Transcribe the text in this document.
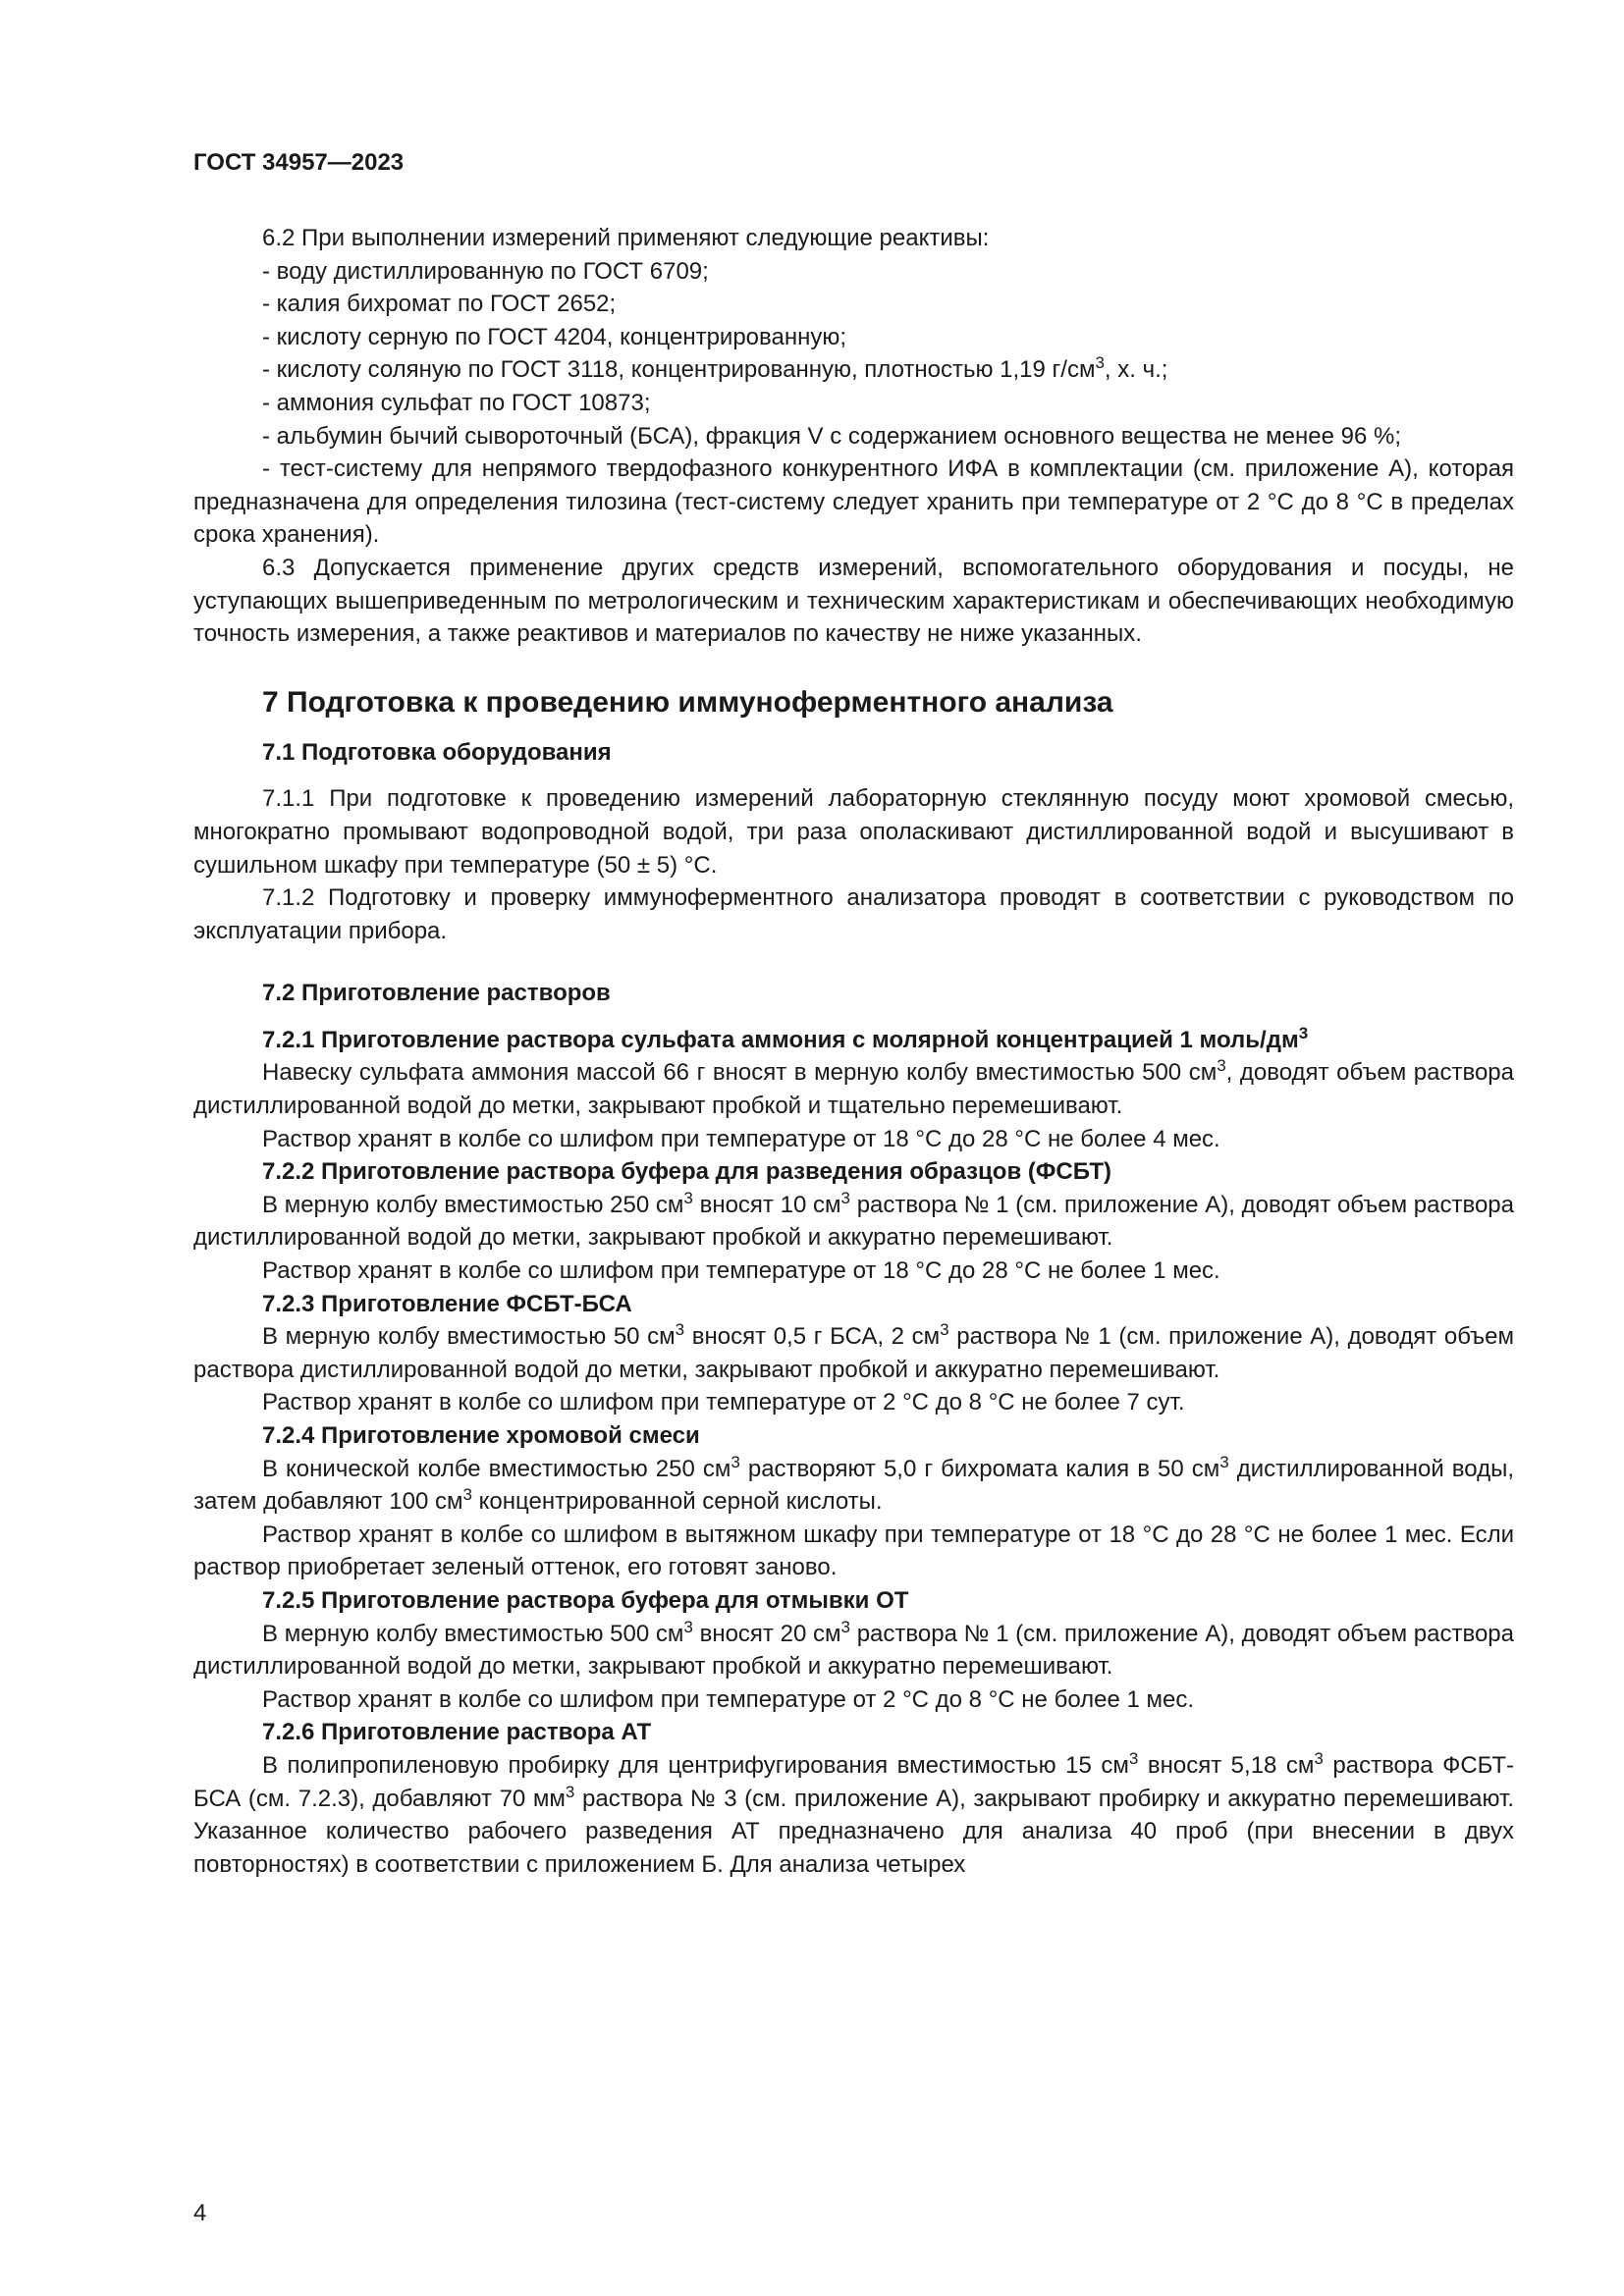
ГОСТ 34957—2023

6.2 При выполнении измерений применяют следующие реактивы:

- воду дистиллированную по ГОСТ 6709;

- калия бихромат по ГОСТ 2652;

- кислоту серную по ГОСТ 4204, концентрированную;

- кислоту соляную по ГОСТ 3118, концентрированную, плотностью 1,19 $г/см^3$, х. ч.;

- аммония сульфат по ГОСТ 10873;

- альбумин бычий сывороточный (БСА), фракция V с содержанием основного вещества не менее 96 %;

- тест-систему для непрямого твердофазного конкурентного ИФА в комплектации (см. приложение А), которая предназначена для определения тилозина (тест-систему следует хранить при температуре от 2 °С до 8 °С в пределах срока хранения).

6.3 Допускается применение других средств измерений, вспомогательного оборудования и посуды, не уступающих вышеприведенным по метрологическим и техническим характеристикам и обеспечивающих необходимую точность измерения, а также реактивов и материалов по качеству не ниже указанных.

7 Подготовка к проведению иммуноферментного анализа
7.1 Подготовка оборудования

7.1.1 При подготовке к проведению измерений лабораторную стеклянную посуду моют хромовой смесью, многократно промывают водопроводной водой, три раза ополаскивают дистиллированной водой и высушивают в сушильном шкафу при температуре (50 ± 5) °С.

7.1.2 Подготовку и проверку иммуноферментного анализатора проводят в соответствии с руководством по эксплуатации прибора.

7.2 Приготовление растворов

7.2.1 Приготовление раствора сульфата аммония с молярной концентрацией 1 моль/$дм^3$

Навеску сульфата аммония массой 66 г вносят в мерную колбу вместимостью 500 $см^3$, доводят объем раствора дистиллированной водой до метки, закрывают пробкой и тщательно перемешивают.

Раствор хранят в колбе со шлифом при температуре от 18 °С до 28 °С не более 4 мес.

7.2.2 Приготовление раствора буфера для разведения образцов (ФСБТ)

В мерную колбу вместимостью 250 $см^3$ вносят 10 $см^3$ раствора № 1 (см. приложение А), доводят объем раствора дистиллированной водой до метки, закрывают пробкой и аккуратно перемешивают.

Раствор хранят в колбе со шлифом при температуре от 18 °С до 28 °С не более 1 мес.

7.2.3 Приготовление ФСБТ-БСА

В мерную колбу вместимостью 50 $см^3$ вносят 0,5 г БСА, 2 $см^3$ раствора № 1 (см. приложение А), доводят объем раствора дистиллированной водой до метки, закрывают пробкой и аккуратно перемешивают.

Раствор хранят в колбе со шлифом при температуре от 2 °С до 8 °С не более 7 сут.

7.2.4 Приготовление хромовой смеси

В конической колбе вместимостью 250 $см^3$ растворяют 5,0 г бихромата калия в 50 $см^3$ дистиллированной воды, затем добавляют 100 $см^3$ концентрированной серной кислоты.

Раствор хранят в колбе со шлифом в вытяжном шкафу при температуре от 18 °С до 28 °С не более 1 мес. Если раствор приобретает зеленый оттенок, его готовят заново.

7.2.5 Приготовление раствора буфера для отмывки ОТ

В мерную колбу вместимостью 500 $см^3$ вносят 20 $см^3$ раствора № 1 (см. приложение А), доводят объем раствора дистиллированной водой до метки, закрывают пробкой и аккуратно перемешивают.

Раствор хранят в колбе со шлифом при температуре от 2 °С до 8 °С не более 1 мес.

7.2.6 Приготовление раствора АТ

В полипропиленовую пробирку для центрифугирования вместимостью 15 $см^3$ вносят 5,18 $см^3$ раствора ФСБТ-БСА (см. 7.2.3), добавляют 70 $мм^3$ раствора № 3 (см. приложение А), закрывают пробирку и аккуратно перемешивают. Указанное количество рабочего разведения АТ предназначено для анализа 40 проб (при внесении в двух повторностях) в соответствии с приложением Б. Для анализа четырех

4
